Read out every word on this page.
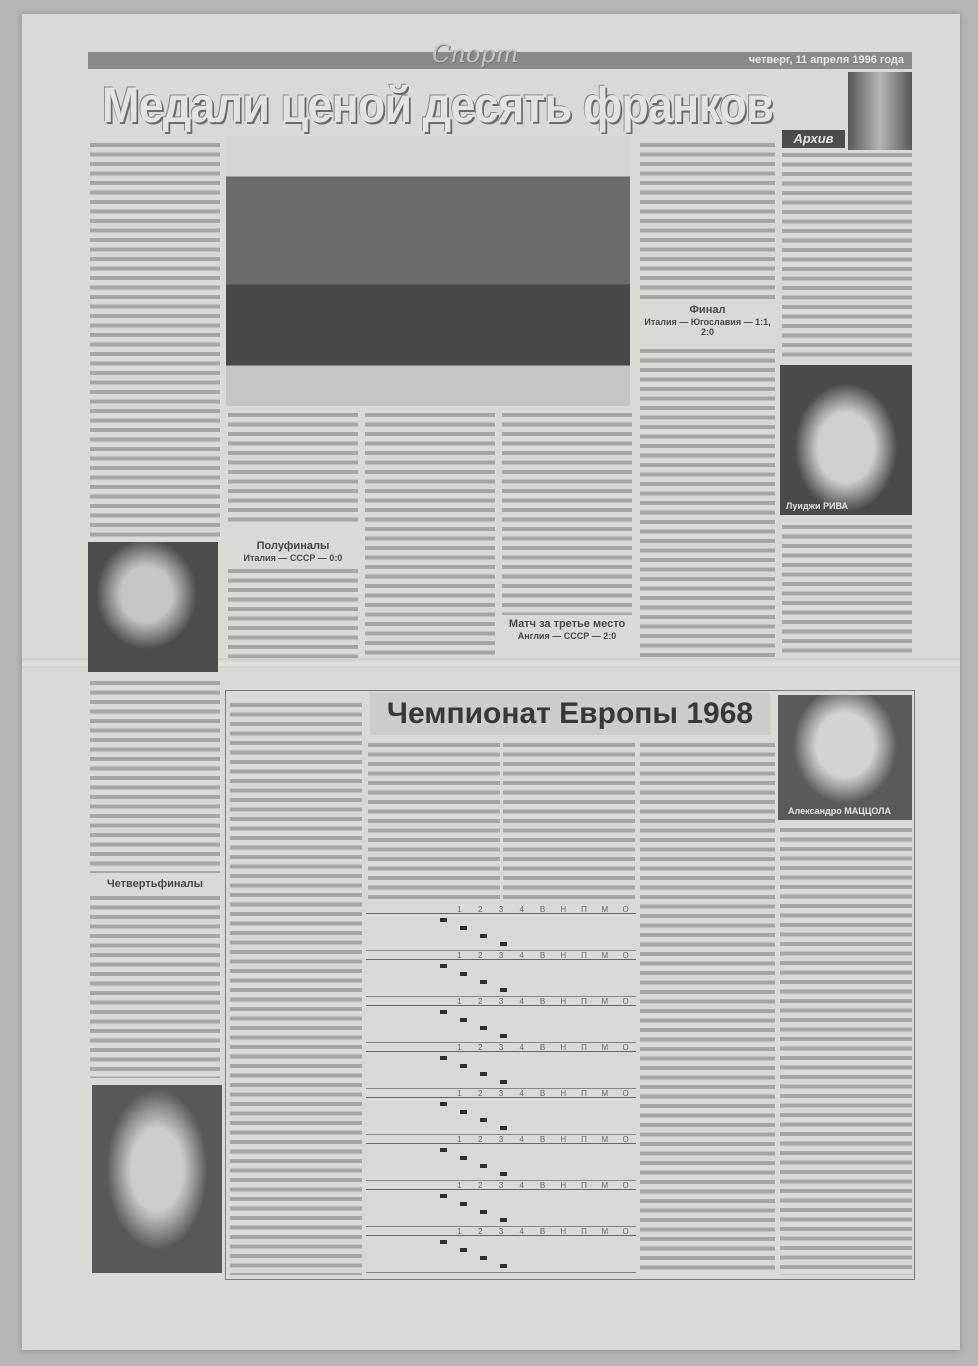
четверг, 11 апреля 1996 года
Спорт
Медали ценой десять франков
Архив
Полуфиналы
Италия — СССР — 0:0
Матч за третье место
Англия — СССР — 2:0
Финал
Италия — Югославия — 1:1, 2:0
Луиджи РИВА
Четвертьфиналы
Чемпионат Европы 1968
Александро МАЦЦОЛА
1	2	3	4	В	Н	П	М	О
1	2	3	4	В	Н	П	М	О
1	2	3	4	В	Н	П	М	О
1	2	3	4	В	Н	П	М	О
1	2	3	4	В	Н	П	М	О
1	2	3	4	В	Н	П	М	О
1	2	3	4	В	Н	П	М	О
1	2	3	4	В	Н	П	М	О
